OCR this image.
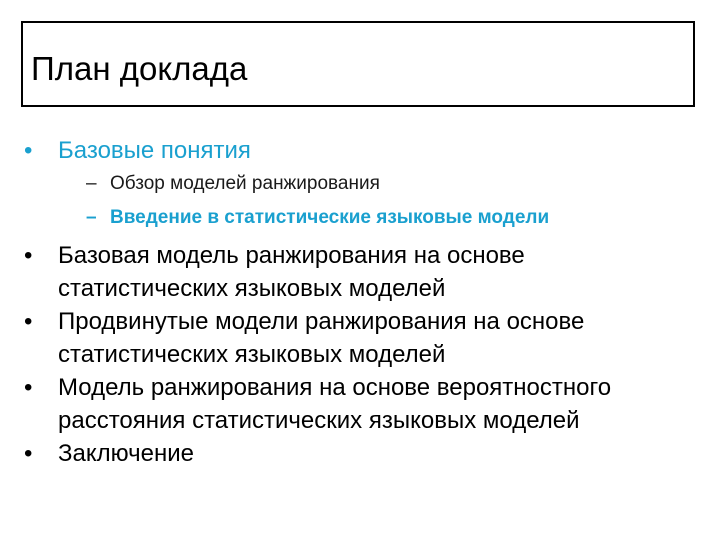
План доклада
• Базовые понятия
– Обзор моделей ранжирования
– Введение в статистические языковые модели
• Базовая модель ранжирования на основе
статистических языковых моделей
• Продвинутые модели ранжирования на основе
статистических языковых моделей
• Модель ранжирования на основе вероятностного
расстояния статистических языковых моделей
• Заключение
